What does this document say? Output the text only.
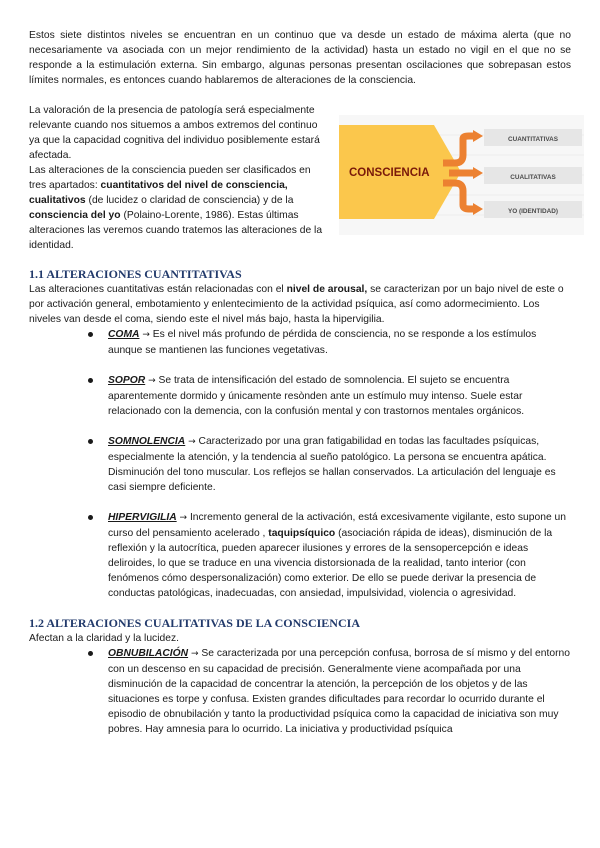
Estos siete distintos niveles se encuentran en un continuo que va desde un estado de máxima alerta (que no necesariamente va asociada con un mejor rendimiento de la actividad) hasta un estado no vigil en el que no se responde a la estimulación externa. Sin embargo, algunas personas presentan oscilaciones que sobrepasan estos límites normales, es entonces cuando hablaremos de alteraciones de la consciencia.

La valoración de la presencia de patología será especialmente relevante cuando nos situemos a ambos extremos del continuo ya que la capacidad cognitiva del individuo posiblemente estará afectada.

Las alteraciones de la consciencia pueden ser clasificados en tres apartados: cuantitativos del nivel de consciencia, cualitativos (de lucidez o claridad de consciencia) y de la consciencia del yo (Polaino-Lorente, 1986). Estas últimas alteraciones las veremos cuando tratemos las alteraciones de la identidad.

CONSCIENCIA
CUANTITATIVAS
CUALITATIVAS
YO (IDENTIDAD)
1.1 ALTERACIONES CUANTITATIVAS

Las alteraciones cuantitativas están relacionadas con el nivel de arousal, se caracterizan por un bajo nivel de este o por activación general, embotamiento y enlentecimiento de la actividad psíquica, así como adormecimiento. Los niveles van desde el coma, siendo este el nivel más bajo, hasta la hipervigilia.

COMA → Es el nivel más profundo de pérdida de consciencia, no se responde a los estímulos aunque se mantienen las funciones vegetativas.
SOPOR → Se trata de intensificación del estado de somnolencia. El sujeto se encuentra aparentemente dormido y únicamente resònden ante un estímulo muy intenso. Suele estar relacionado con la demencia, con la confusión mental y con trastornos mentales orgánicos.
SOMNOLENCIA → Caracterizado por una gran fatigabilidad en todas las facultades psíquicas, especialmente la atención, y la tendencia al sueño patológico. La persona se encuentra apática. Disminución del tono muscular. Los reflejos se hallan conservados. La articulación del lenguaje es casi siempre deficiente.
HIPERVIGILIA → Incremento general de la activación, está excesivamente vigilante, esto supone un curso del pensamiento acelerado , taquipsíquico (asociación rápida de ideas), disminución de la reflexión y la autocrítica, pueden aparecer ilusiones y errores de la sensopercepción e ideas deliroides, lo que se traduce en una vivencia distorsionada de la realidad, tanto interior (con fenómenos cómo despersonalización) como exterior. De ello se puede derivar la presencia de conductas patológicas, inadecuadas, con ansiedad, impulsividad, violencia o agresividad.
1.2 ALTERACIONES CUALITATIVAS DE LA CONSCIENCIA

Afectan a la claridad y la lucidez.

OBNUBILACIÓN → Se caracterizada por una percepción confusa, borrosa de sí mismo y del entorno con un descenso en su capacidad de precisión. Generalmente viene acompañada por una disminución de la capacidad de concentrar la atención, la percepción de los objetos y de las situaciones es torpe y confusa. Existen grandes dificultades para recordar lo ocurrido durante el episodio de obnubilación y tanto la productividad psíquica como la capacidad de iniciativa son muy pobres. Hay amnesia para lo ocurrido. La iniciativa y productividad psíquica
